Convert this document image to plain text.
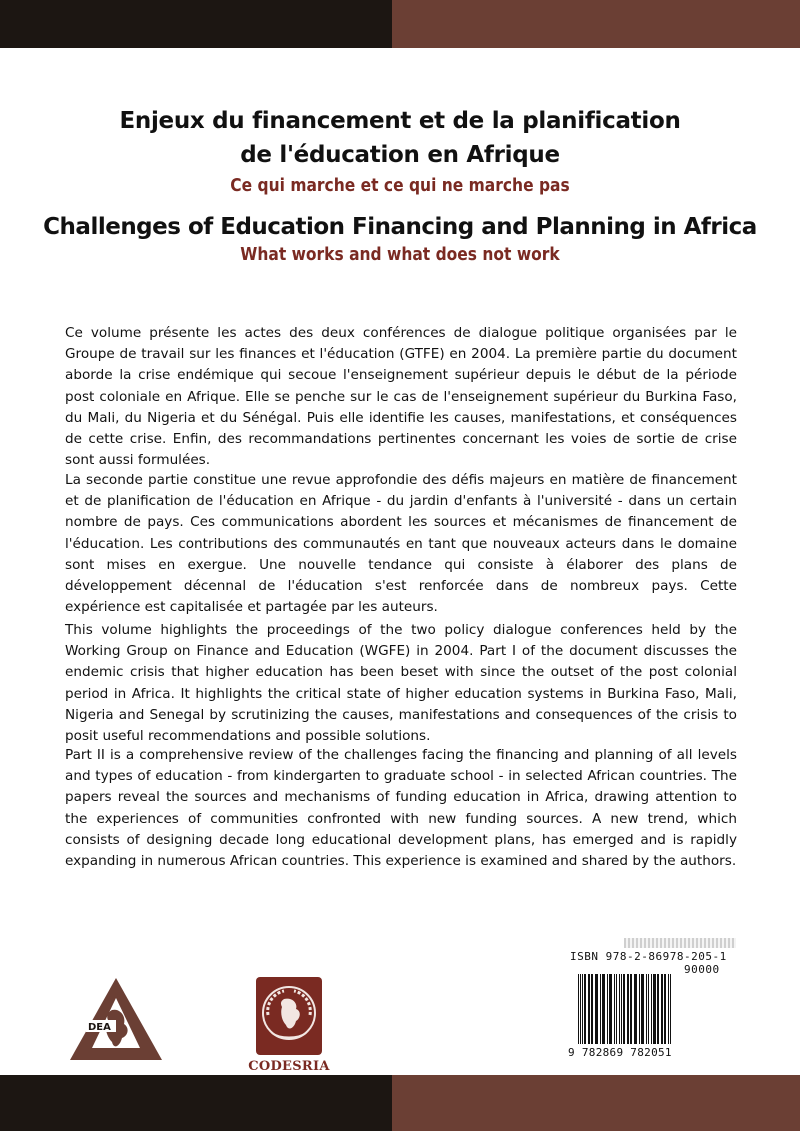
Enjeux du financement et de la planification
de l'éducation en Afrique
Ce qui marche et ce qui ne marche pas
Challenges of Education Financing and Planning in Africa
What works and what does not work

Ce volume présente les actes des deux conférences de dialogue politique organisées par le Groupe de travail sur les finances et l'éducation (GTFE) en 2004. La première partie du document aborde la crise endémique qui secoue l'enseignement supérieur depuis le début de la période post coloniale en Afrique. Elle se penche sur le cas de l'enseignement supérieur du Burkina Faso, du Mali, du Nigeria et du Sénégal. Puis elle identifie les causes, manifestations, et conséquences de cette crise. Enfin, des recommandations pertinentes concernant les voies de sortie de crise sont aussi formulées.

La seconde partie constitue une revue approfondie des défis majeurs en matière de financement et de planification de l'éducation en Afrique - du jardin d'enfants à l'université - dans un certain nombre de pays. Ces communications abordent les sources et mécanismes de financement de l'éducation. Les contributions des communautés en tant que nouveaux acteurs dans le domaine sont mises en exergue. Une nouvelle tendance qui consiste à élaborer des plans de développement décennal de l'éducation s'est renforcée dans de nombreux pays. Cette expérience est capitalisée et partagée par les auteurs.

This volume highlights the proceedings of the two policy dialogue conferences held by the Working Group on Finance and Education (WGFE) in 2004. Part I of the document discusses the endemic crisis that higher education has been beset with since the outset of the post colonial period in Africa. It highlights the critical state of higher education systems in Burkina Faso, Mali, Nigeria and Senegal by scrutinizing the causes, manifestations and consequences of the crisis to posit useful recommendations and possible solutions.

Part II is a comprehensive review of the challenges facing the financing and planning of all levels and types of education - from kindergarten to graduate school - in selected African countries. The papers reveal the sources and mechanisms of funding education in Africa, drawing attention to the experiences of communities confronted with new funding sources. A new trend, which consists of designing decade long educational development plans, has emerged and is rapidly expanding in numerous African countries. This experience is examined and shared by the authors.

DEA
CODESRIA
ISBN 978-2-86978-205-1
90000
9 782869 782051
